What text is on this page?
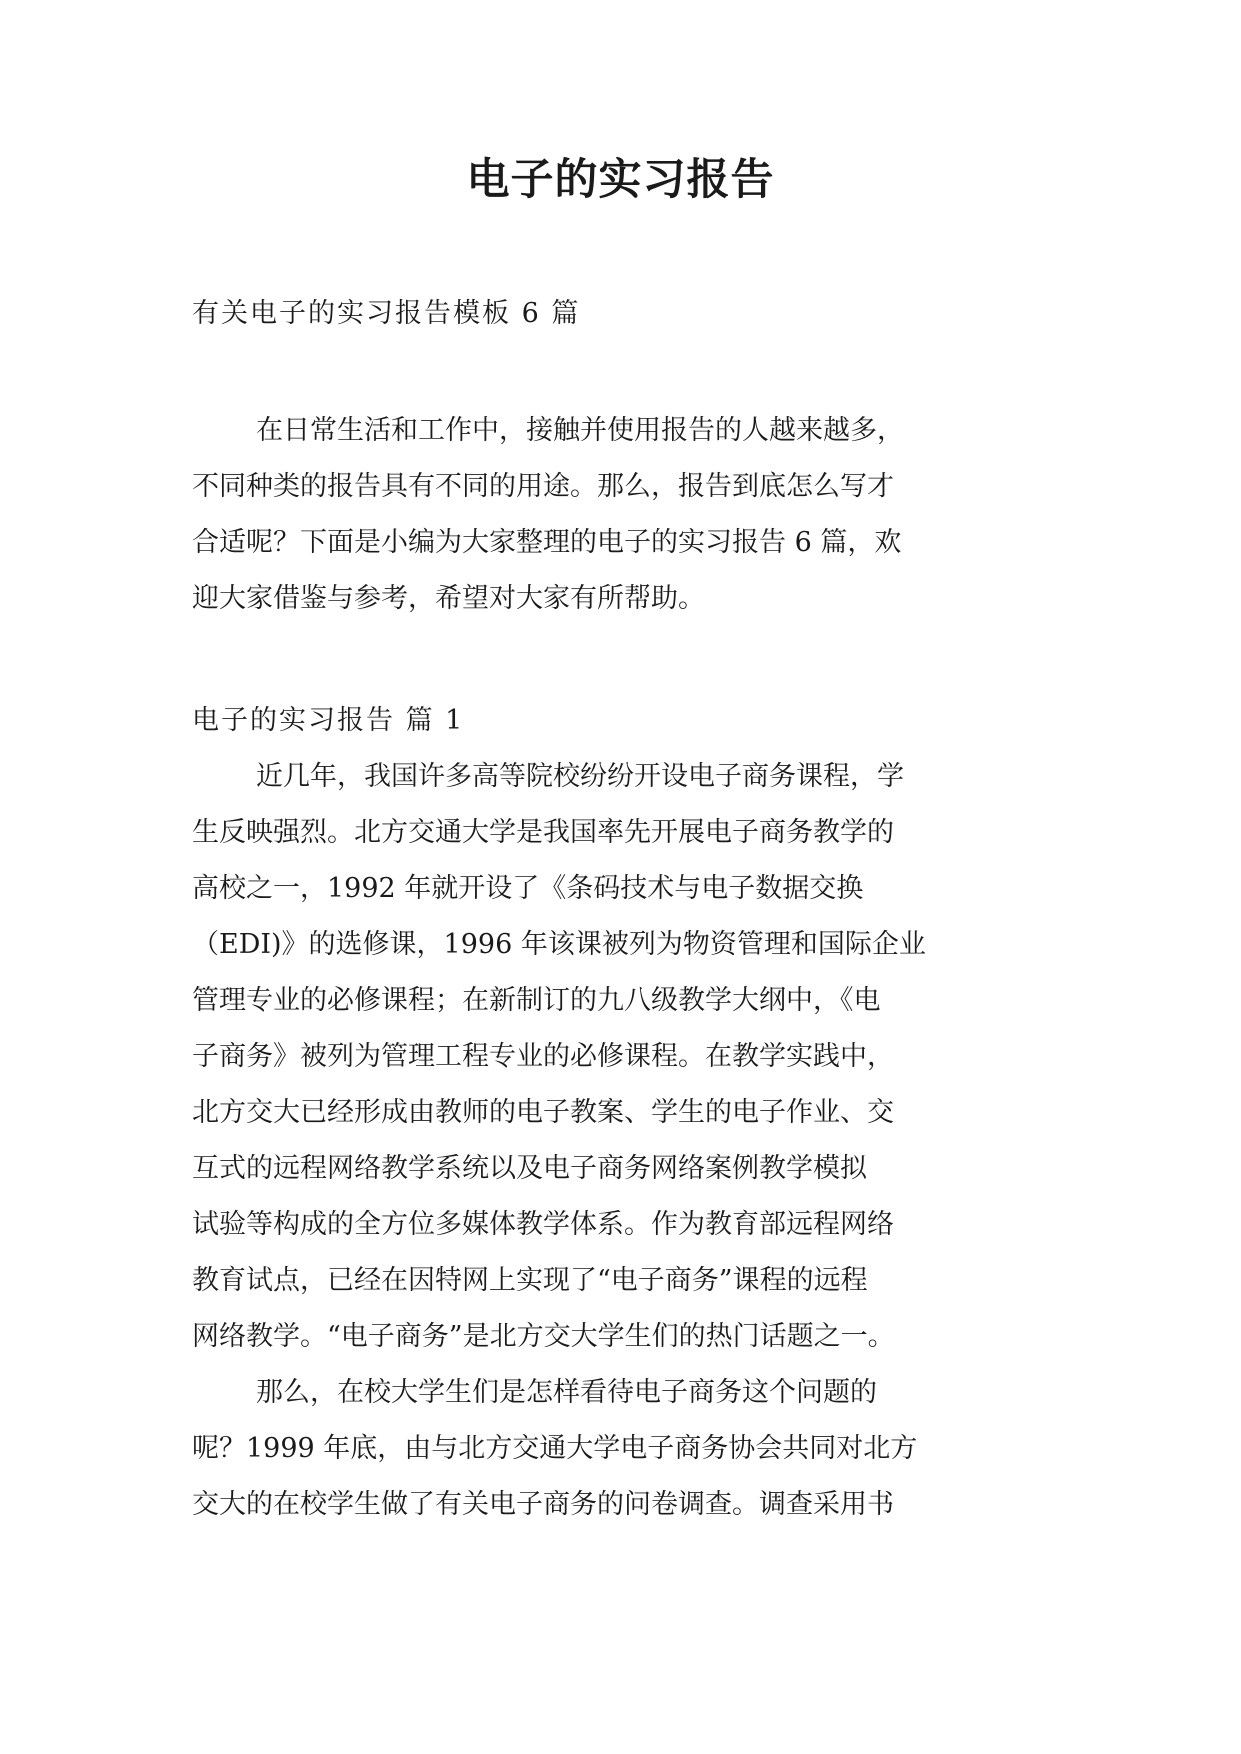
电子的实习报告

有关电子的实习报告模板 6 篇

在日常生活和工作中，接触并使用报告的人越来越多，

不同种类的报告具有不同的用途。那么，报告到底怎么写才

合适呢？下面是小编为大家整理的电子的实习报告 6 篇，欢

迎大家借鉴与参考，希望对大家有所帮助。

电子的实习报告 篇 1

近几年，我国许多高等院校纷纷开设电子商务课程，学

生反映强烈。北方交通大学是我国率先开展电子商务教学的

高校之一，1992 年就开设了《条码技术与电子数据交换

（EDI)》的选修课，1996 年该课被列为物资管理和国际企业

管理专业的必修课程；在新制订的九八级教学大纲中，《电

子商务》被列为管理工程专业的必修课程。在教学实践中，

北方交大已经形成由教师的电子教案、学生的电子作业、交

互式的远程网络教学系统以及电子商务网络案例教学模拟

试验等构成的全方位多媒体教学体系。作为教育部远程网络

教育试点，已经在因特网上实现了“电子商务”课程的远程

网络教学。“电子商务”是北方交大学生们的热门话题之一。

那么，在校大学生们是怎样看待电子商务这个问题的

呢？1999 年底，由与北方交通大学电子商务协会共同对北方

交大的在校学生做了有关电子商务的问卷调查。调查采用书
